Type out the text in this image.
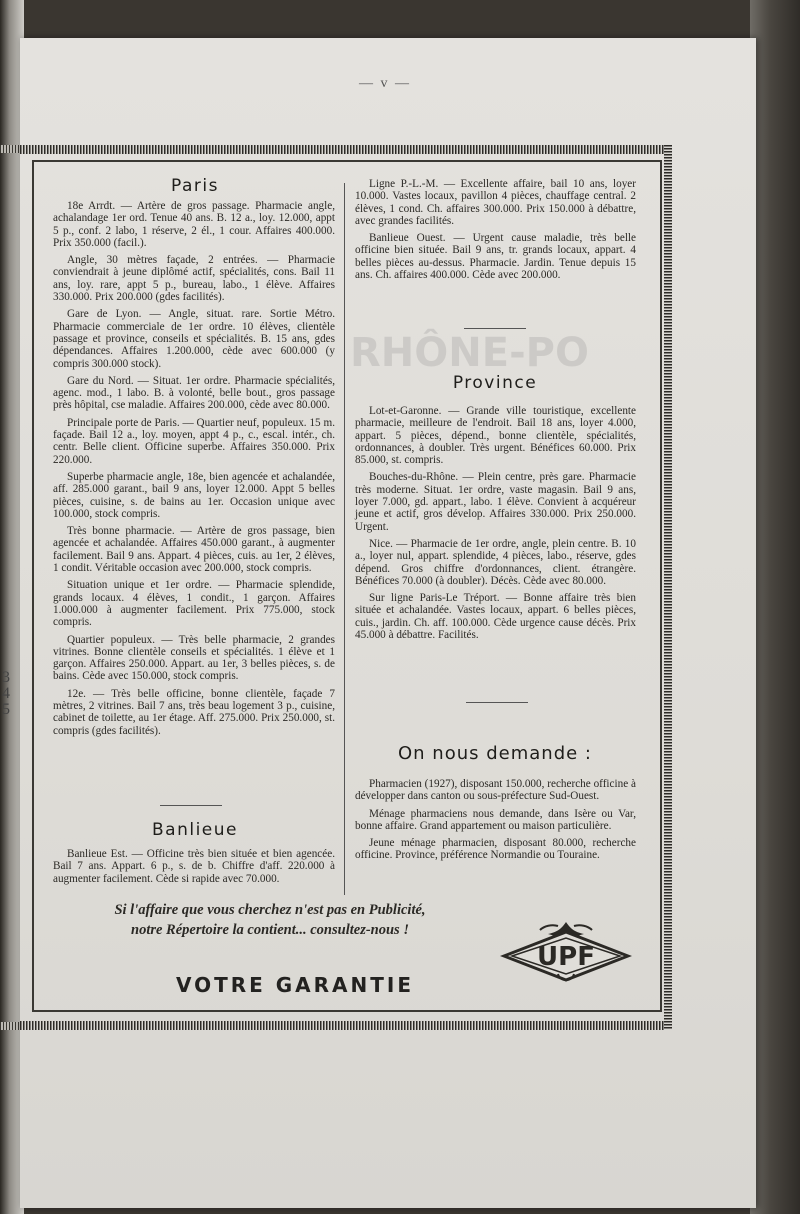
3
4
5
— v —
Paris

18e Arrdt. — Artère de gros passage. Pharmacie angle, achalandage 1er ord. Tenue 40 ans. B. 12 a., loy. 12.000, appt 5 p., conf. 2 labo, 1 réserve, 2 él., 1 cour. Affaires 400.000. Prix 350.000 (facil.).

Angle, 30 mètres façade, 2 entrées. — Pharmacie conviendrait à jeune diplômé actif, spécialités, cons. Bail 11 ans, loy. rare, appt 5 p., bureau, labo., 1 élève. Affaires 330.000. Prix 200.000 (gdes facilités).

Gare de Lyon. — Angle, situat. rare. Sortie Métro. Pharmacie commerciale de 1er ordre. 10 élèves, clientèle passage et province, conseils et spécialités. B. 15 ans, gdes dépendances. Affaires 1.200.000, cède avec 600.000 (y compris 300.000 stock).

Gare du Nord. — Situat. 1er ordre. Pharmacie spécialités, agenc. mod., 1 labo. B. à volonté, belle bout., gros passage près hôpital, cse maladie. Affaires 200.000, cède avec 80.000.

Principale porte de Paris. — Quartier neuf, populeux. 15 m. façade. Bail 12 a., loy. moyen, appt 4 p., c., escal. intér., ch. centr. Belle client. Officine superbe. Affaires 350.000. Prix 220.000.

Superbe pharmacie angle, 18e, bien agencée et achalandée, aff. 285.000 garant., bail 9 ans, loyer 12.000. Appt 5 belles pièces, cuisine, s. de bains au 1er. Occasion unique avec 100.000, stock compris.

Très bonne pharmacie. — Artère de gros passage, bien agencée et achalandée. Affaires 450.000 garant., à augmenter facilement. Bail 9 ans. Appart. 4 pièces, cuis. au 1er, 2 élèves, 1 condit. Véritable occasion avec 200.000, stock compris.

Situation unique et 1er ordre. — Pharmacie splendide, grands locaux. 4 élèves, 1 condit., 1 garçon. Affaires 1.000.000 à augmenter facilement. Prix 775.000, stock compris.

Quartier populeux. — Très belle pharmacie, 2 grandes vitrines. Bonne clientèle conseils et spécialités. 1 élève et 1 garçon. Affaires 250.000. Appart. au 1er, 3 belles pièces, s. de bains. Cède avec 150.000, stock compris.

12e. — Très belle officine, bonne clientèle, façade 7 mètres, 2 vitrines. Bail 7 ans, très beau logement 3 p., cuisine, cabinet de toilette, au 1er étage. Aff. 275.000. Prix 250.000, st. compris (gdes facilités).

Banlieue

Banlieue Est. — Officine très bien située et bien agencée. Bail 7 ans. Appart. 6 p., s. de b. Chiffre d'aff. 220.000 à augmenter facilement. Cède si rapide avec 70.000.

Ligne P.-L.-M. — Excellente affaire, bail 10 ans, loyer 10.000. Vastes locaux, pavillon 4 pièces, chauffage central. 2 élèves, 1 cond. Ch. affaires 300.000. Prix 150.000 à débattre, avec grandes facilités.

Banlieue Ouest. — Urgent cause maladie, très belle officine bien située. Bail 9 ans, tr. grands locaux, appart. 4 belles pièces au-dessus. Pharmacie. Jardin. Tenue depuis 15 ans. Ch. affaires 400.000. Cède avec 200.000.

Province

Lot-et-Garonne. — Grande ville touristique, excellente pharmacie, meilleure de l'endroit. Bail 18 ans, loyer 4.000, appart. 5 pièces, dépend., bonne clientèle, spécialités, ordonnances, à doubler. Très urgent. Bénéfices 60.000. Prix 85.000, st. compris.

Bouches-du-Rhône. — Plein centre, près gare. Pharmacie très moderne. Situat. 1er ordre, vaste magasin. Bail 9 ans, loyer 7.000, gd. appart., labo. 1 élève. Convient à acquéreur jeune et actif, gros dévelop. Affaires 330.000. Prix 250.000. Urgent.

Nice. — Pharmacie de 1er ordre, angle, plein centre. B. 10 a., loyer nul, appart. splendide, 4 pièces, labo., réserve, gdes dépend. Gros chiffre d'ordonnances, client. étrangère. Bénéfices 70.000 (à doubler). Décès. Cède avec 80.000.

Sur ligne Paris-Le Tréport. — Bonne affaire très bien située et achalandée. Vastes locaux, appart. 6 belles pièces, cuis., jardin. Ch. aff. 100.000. Cède urgence cause décès. Prix 45.000 à débattre. Facilités.

On nous demande :

Pharmacien (1927), disposant 150.000, recherche officine à développer dans canton ou sous-préfecture Sud-Ouest.

Ménage pharmaciens nous demande, dans Isère ou Var, bonne affaire. Grand appartement ou maison particulière.

Jeune ménage pharmacien, disposant 80.000, recherche officine. Province, préférence Normandie ou Touraine.

Si l'affaire que vous cherchez n'est pas en Publicité,
notre Répertoire la contient... consultez-nous !
VOTRE GARANTIE
UPF
